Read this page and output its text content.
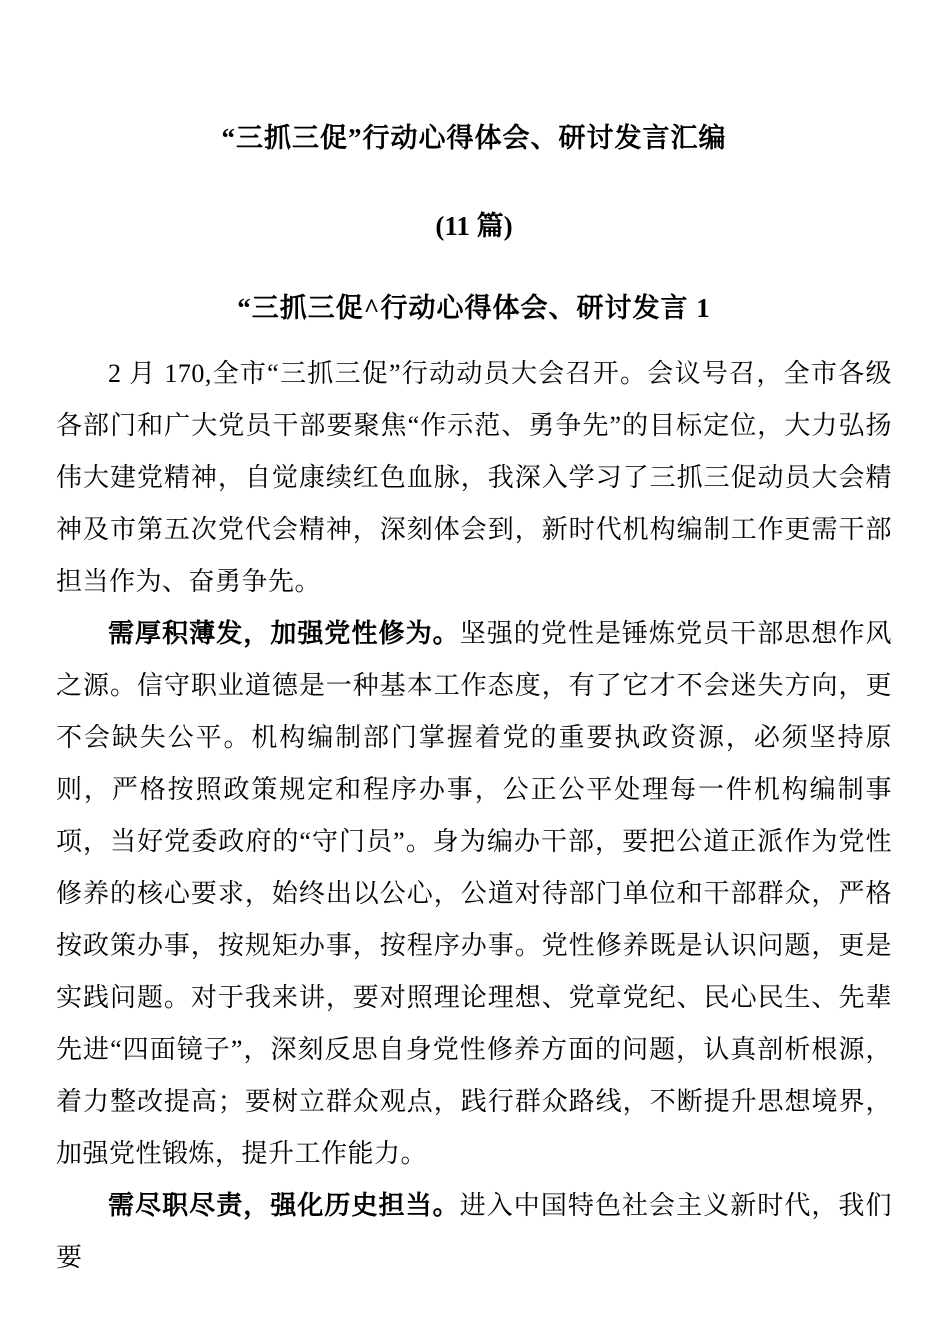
“三抓三促”行动心得体会、研讨发言汇编
(11 篇)
“三抓三促^行动心得体会、研讨发言 1

2 月 170,全市“三抓三促”行动动员大会召开。会议号召，全市各级各部门和广大党员干部要聚焦“作示范、勇争先”的目标定位，大力弘扬伟大建党精神，自觉康续红色血脉，我深入学习了三抓三促动员大会精神及市第五次党代会精神，深刻体会到，新时代机构编制工作更需干部担当作为、奋勇争先。

需厚积薄发，加强党性修为。坚强的党性是锤炼党员干部思想作风之源。信守职业道德是一种基本工作态度，有了它才不会迷失方向，更不会缺失公平。机构编制部门掌握着党的重要执政资源，必须坚持原则，严格按照政策规定和程序办事，公正公平处理每一件机构编制事项，当好党委政府的“守门员”。身为编办干部，要把公道正派作为党性修养的核心要求，始终出以公心，公道对待部门单位和干部群众，严格按政策办事，按规矩办事，按程序办事。党性修养既是认识问题，更是实践问题。对于我来讲，要对照理论理想、党章党纪、民心民生、先辈先进“四面镜子”，深刻反思自身党性修养方面的问题，认真剖析根源，着力整改提高；要树立群众观点，践行群众路线，不断提升思想境界，加强党性锻炼，提升工作能力。

需尽职尽责，强化历史担当。进入中国特色社会主义新时代，我们要
